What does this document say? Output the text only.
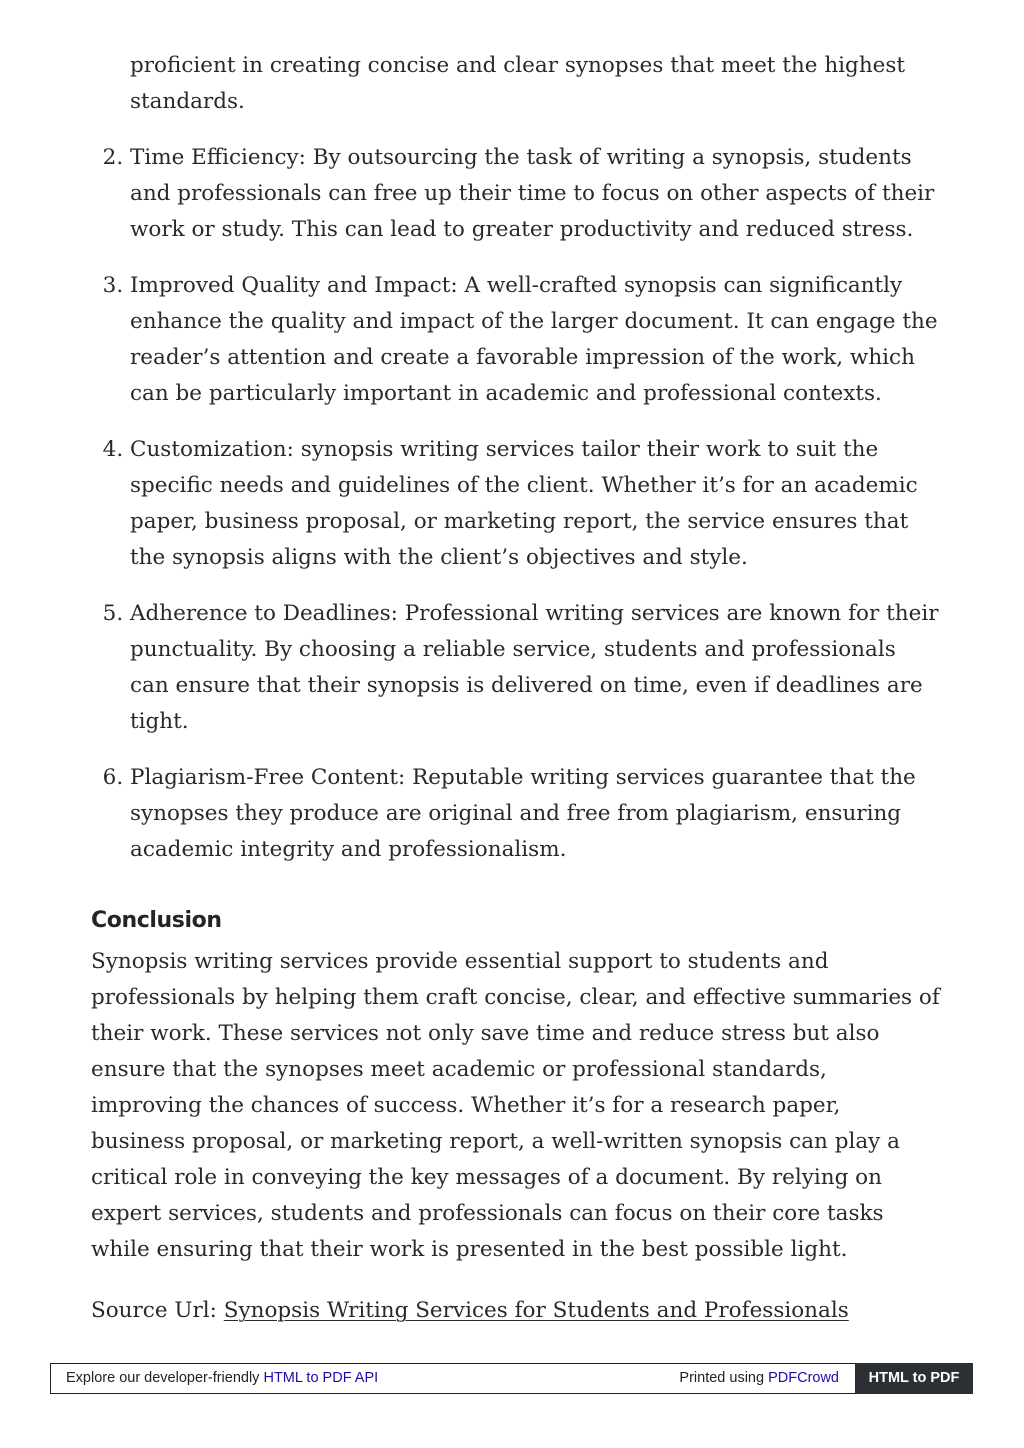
proficient in creating concise and clear synopses that meet the highest standards.

2. Time Efficiency: By outsourcing the task of writing a synopsis, students and professionals can free up their time to focus on other aspects of their work or study. This can lead to greater productivity and reduced stress.
3. Improved Quality and Impact: A well-crafted synopsis can significantly enhance the quality and impact of the larger document. It can engage the reader’s attention and create a favorable impression of the work, which can be particularly important in academic and professional contexts.
4. Customization: synopsis writing services tailor their work to suit the specific needs and guidelines of the client. Whether it’s for an academic paper, business proposal, or marketing report, the service ensures that the synopsis aligns with the client’s objectives and style.
5. Adherence to Deadlines: Professional writing services are known for their punctuality. By choosing a reliable service, students and professionals can ensure that their synopsis is delivered on time, even if deadlines are tight.
6. Plagiarism-Free Content: Reputable writing services guarantee that the synopses they produce are original and free from plagiarism, ensuring academic integrity and professionalism.
Conclusion

Synopsis writing services provide essential support to students and professionals by helping them craft concise, clear, and effective summaries of their work. These services not only save time and reduce stress but also ensure that the synopses meet academic or professional standards, improving the chances of success. Whether it’s for a research paper, business proposal, or marketing report, a well-written synopsis can play a critical role in conveying the key messages of a document. By relying on expert services, students and professionals can focus on their core tasks while ensuring that their work is presented in the best possible light.

Source Url: Synopsis Writing Services for Students and Professionals

Explore our developer-friendly HTML to PDF API	Printed using PDFCrowd	HTML to PDF
